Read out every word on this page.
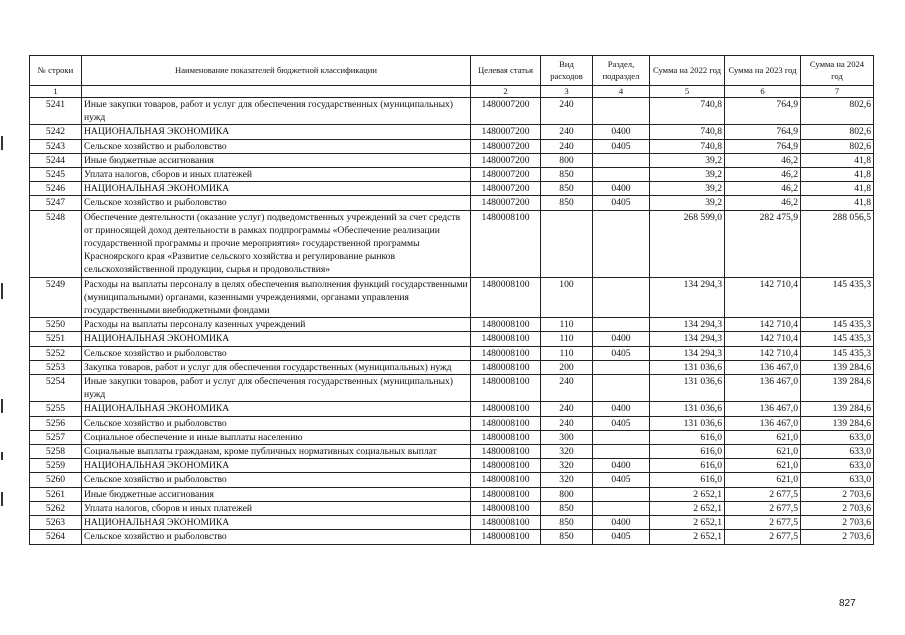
№ строки	Наименование показателей бюджетной классификации	Целевая статья	Вид расходов	Раздел, подраздел	Сумма на 2022 год	Сумма на 2023 год	Сумма на 2024 год
1		2	3	4	5	6	7
5241	Иные закупки товаров, работ и услуг для обеспечения государственных (муниципальных) нужд	1480007200	240		740,8	764,9	802,6
5242	НАЦИОНАЛЬНАЯ ЭКОНОМИКА	1480007200	240	0400	740,8	764,9	802,6
5243	Сельское хозяйство и рыболовство	1480007200	240	0405	740,8	764,9	802,6
5244	Иные бюджетные ассигнования	1480007200	800		39,2	46,2	41,8
5245	Уплата налогов, сборов и иных платежей	1480007200	850		39,2	46,2	41,8
5246	НАЦИОНАЛЬНАЯ ЭКОНОМИКА	1480007200	850	0400	39,2	46,2	41,8
5247	Сельское хозяйство и рыболовство	1480007200	850	0405	39,2	46,2	41,8
5248	Обеспечение деятельности (оказание услуг) подведомственных учреждений за счет средств от приносящей доход деятельности в рамках подпрограммы «Обеспечение реализации государственной программы и прочие мероприятия» государственной программы Красноярского края «Развитие сельского хозяйства и регулирование рынков сельскохозяйственной продукции, сырья и продовольствия»	1480008100			268 599,0	282 475,9	288 056,5
5249	Расходы на выплаты персоналу в целях обеспечения выполнения функций государственными (муниципальными) органами, казенными учреждениями, органами управления государственными внебюджетными фондами	1480008100	100		134 294,3	142 710,4	145 435,3
5250	Расходы на выплаты персоналу казенных учреждений	1480008100	110		134 294,3	142 710,4	145 435,3
5251	НАЦИОНАЛЬНАЯ ЭКОНОМИКА	1480008100	110	0400	134 294,3	142 710,4	145 435,3
5252	Сельское хозяйство и рыболовство	1480008100	110	0405	134 294,3	142 710,4	145 435,3
5253	Закупка товаров, работ и услуг для обеспечения государственных (муниципальных) нужд	1480008100	200		131 036,6	136 467,0	139 284,6
5254	Иные закупки товаров, работ и услуг для обеспечения государственных (муниципальных) нужд	1480008100	240		131 036,6	136 467,0	139 284,6
5255	НАЦИОНАЛЬНАЯ ЭКОНОМИКА	1480008100	240	0400	131 036,6	136 467,0	139 284,6
5256	Сельское хозяйство и рыболовство	1480008100	240	0405	131 036,6	136 467,0	139 284,6
5257	Социальное обеспечение и иные выплаты населению	1480008100	300		616,0	621,0	633,0
5258	Социальные выплаты гражданам, кроме публичных нормативных социальных выплат	1480008100	320		616,0	621,0	633,0
5259	НАЦИОНАЛЬНАЯ ЭКОНОМИКА	1480008100	320	0400	616,0	621,0	633,0
5260	Сельское хозяйство и рыболовство	1480008100	320	0405	616,0	621,0	633,0
5261	Иные бюджетные ассигнования	1480008100	800		2 652,1	2 677,5	2 703,6
5262	Уплата налогов, сборов и иных платежей	1480008100	850		2 652,1	2 677,5	2 703,6
5263	НАЦИОНАЛЬНАЯ ЭКОНОМИКА	1480008100	850	0400	2 652,1	2 677,5	2 703,6
5264	Сельское хозяйство и рыболовство	1480008100	850	0405	2 652,1	2 677,5	2 703,6
827
